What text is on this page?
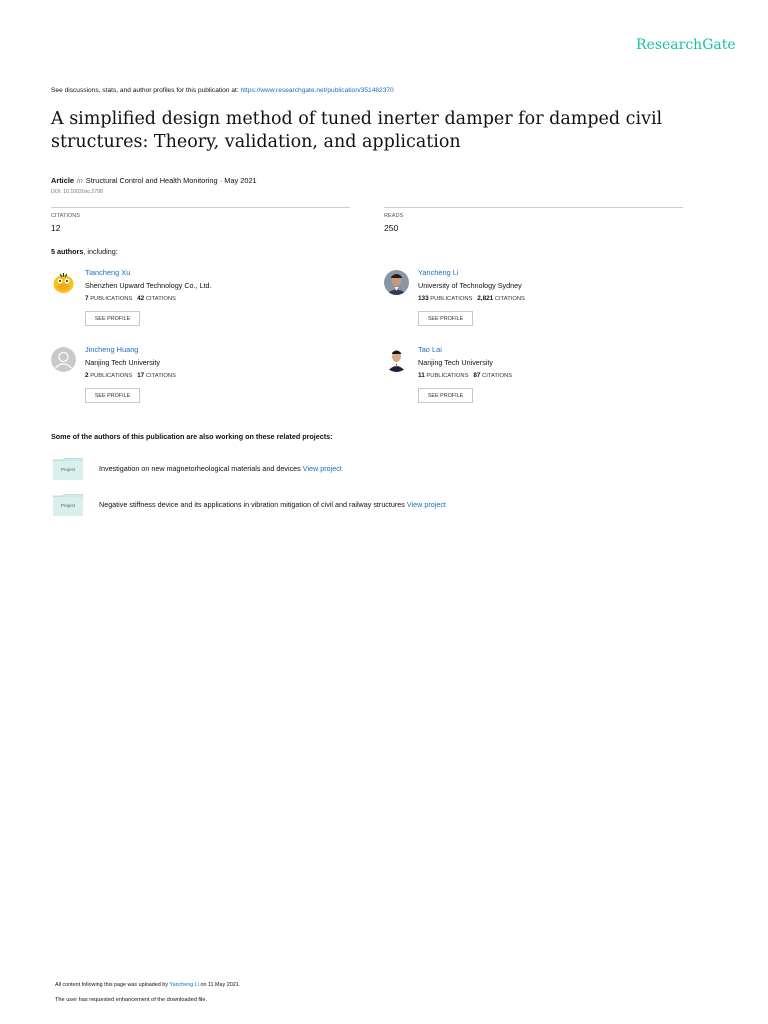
ResearchGate
See discussions, stats, and author profiles for this publication at: https://www.researchgate.net/publication/351482370
A simplified design method of tuned inerter damper for damped civil structures: Theory, validation, and application
Article in Structural Control and Health Monitoring · May 2021
DOI: 10.1002/stc.2798
CITATIONS
12
READS
250
5 authors, including:
Tiancheng Xu
Shenzhen Upward Technology Co., Ltd.
7 PUBLICATIONS 42 CITATIONS
SEE PROFILE
Yancheng Li
University of Technology Sydney
133 PUBLICATIONS 2,821 CITATIONS
SEE PROFILE
Jincheng Huang
Nanjing Tech University
2 PUBLICATIONS 17 CITATIONS
SEE PROFILE
Tao Lai
Nanjing Tech University
11 PUBLICATIONS 87 CITATIONS
SEE PROFILE
Some of the authors of this publication are also working on these related projects:
Project	Investigation on new magnetorheological materials and devices View project
Project	Negative stiffness device and its applications in vibration mitigation of civil and railway structures View project
All content following this page was uploaded by Yancheng Li on 11 May 2021.
The user has requested enhancement of the downloaded file.
